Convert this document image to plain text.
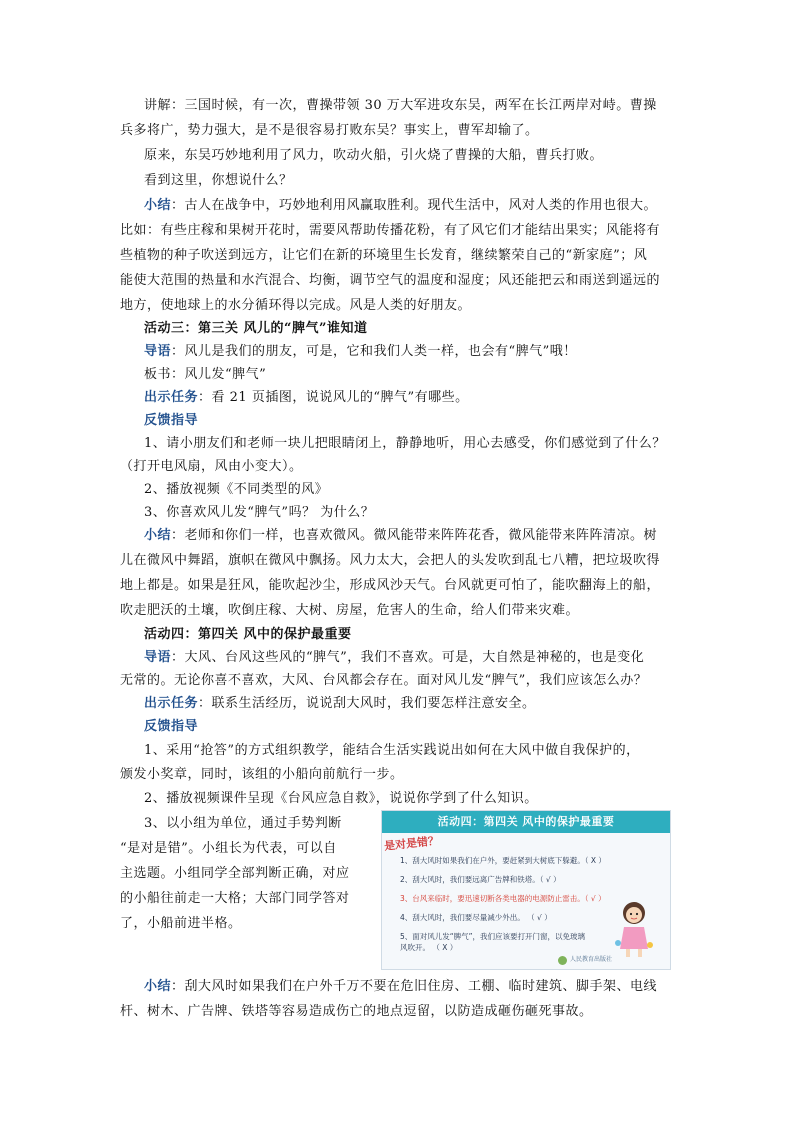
讲解：三国时候，有一次，曹操带领 30 万大军进攻东吴，两军在长江两岸对峙。曹操
兵多将广，势力强大，是不是很容易打败东吴？事实上，曹军却输了。
原来，东吴巧妙地利用了风力，吹动火船，引火烧了曹操的大船，曹兵打败。
看到这里，你想说什么？
小结：古人在战争中，巧妙地利用风赢取胜利。现代生活中，风对人类的作用也很大。
比如：有些庄稼和果树开花时，需要风帮助传播花粉，有了风它们才能结出果实；风能将有
些植物的种子吹送到远方，让它们在新的环境里生长发育，继续繁荣自己的“新家庭”；风
能使大范围的热量和水汽混合、均衡，调节空气的温度和湿度；风还能把云和雨送到遥远的
地方，使地球上的水分循环得以完成。风是人类的好朋友。
活动三：第三关 风儿的“脾气”谁知道
导语：风儿是我们的朋友，可是，它和我们人类一样，也会有“脾气”哦！
板书：风儿发“脾气”
出示任务：看 21 页插图，说说风儿的“脾气”有哪些。
反馈指导
1、请小朋友们和老师一块儿把眼睛闭上，静静地听，用心去感受，你们感觉到了什么？
（打开电风扇，风由小变大）。
2、播放视频《不同类型的风》
3、你喜欢风儿发“脾气”吗？ 为什么？
小结：老师和你们一样，也喜欢微风。微风能带来阵阵花香，微风能带来阵阵清凉。树
儿在微风中舞蹈，旗帜在微风中飘扬。风力太大，会把人的头发吹到乱七八糟，把垃圾吹得
地上都是。如果是狂风，能吹起沙尘，形成风沙天气。台风就更可怕了，能吹翻海上的船，
吹走肥沃的土壤，吹倒庄稼、大树、房屋，危害人的生命，给人们带来灾难。
活动四：第四关 风中的保护最重要
导语：大风、台风这些风的“脾气”，我们不喜欢。可是，大自然是神秘的，也是变化
无常的。无论你喜不喜欢，大风、台风都会存在。面对风儿发“脾气”，我们应该怎么办？
出示任务：联系生活经历，说说刮大风时，我们要怎样注意安全。
反馈指导
1、采用“抢答”的方式组织教学，能结合生活实践说出如何在大风中做自我保护的，
颁发小奖章，同时，该组的小船向前航行一步。
2、播放视频课件呈现《台风应急自救》，说说你学到了什么知识。
3、以小组为单位，通过手势判断
“是对是错”。小组长为代表，可以自
主选题。小组同学全部判断正确，对应
的小船往前走一大格；大部门同学答对
了，小船前进半格。
活动四：第四关 风中的保护最重要
是对是错？
1、刮大风时如果我们在户外，要赶紧到大树底下躲避。（ X ）
2、刮大风时，我们要远离广告牌和铁塔。（ √ ）
3、台风来临时，要迅速切断各类电器的电源防止雷击。（ √ ）
4、刮大风时，我们要尽量减少外出。 （ √ ）
5、面对风儿发“脾气”，我们应该要打开门窗，以免玻璃
风吹开。 （ X ）
人民教育出版社
小结：刮大风时如果我们在户外千万不要在危旧住房、工棚、临时建筑、脚手架、电线
杆、树木、广告牌、铁塔等容易造成伤亡的地点逗留，以防造成砸伤砸死事故。
